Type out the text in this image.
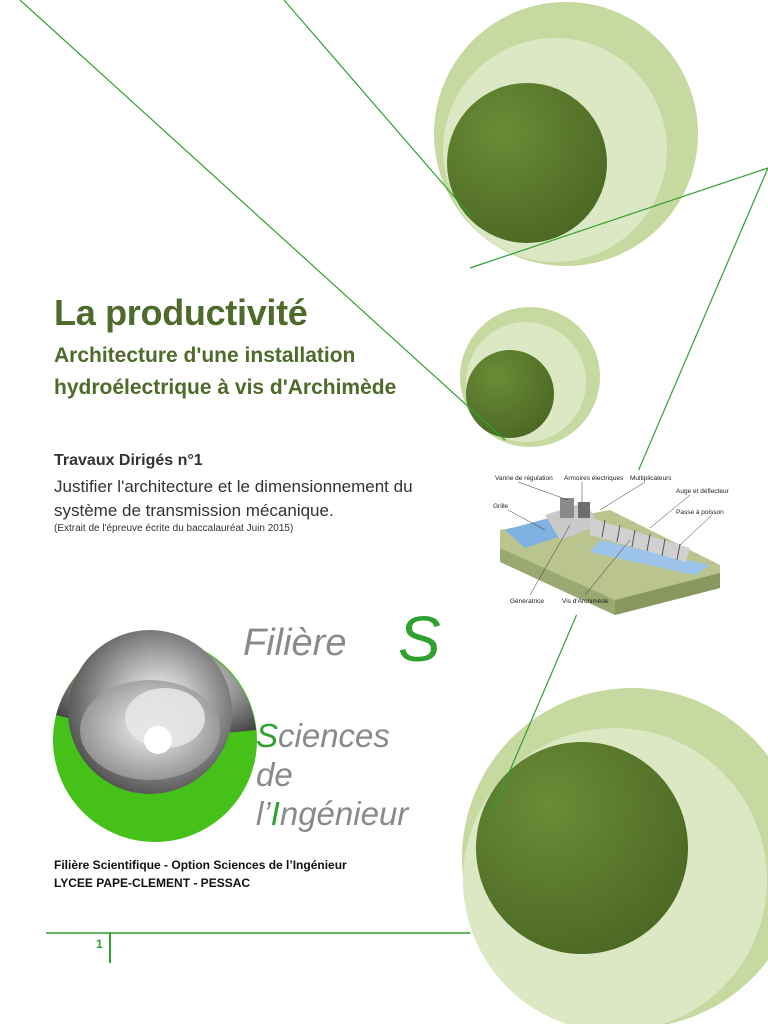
Vanne de régulation Armoires électriques Multiplicateurs
Auge et déflecteur
Grille
Passe à poisson
Génératrice	Vis d'Archimède
La productivité
Architecture d'une installation
hydroélectrique à vis d'Archimède
Travaux Dirigés n°1
Justifier l'architecture et le dimensionnement du
système de transmission mécanique.
(Extrait de l'épreuve écrite du baccalauréat Juin 2015)
Filière S
Sciences
de
l’Ingénieur
Filière Scientifique - Option Sciences de l’Ingénieur
LYCEE PAPE-CLEMENT - PESSAC
1
